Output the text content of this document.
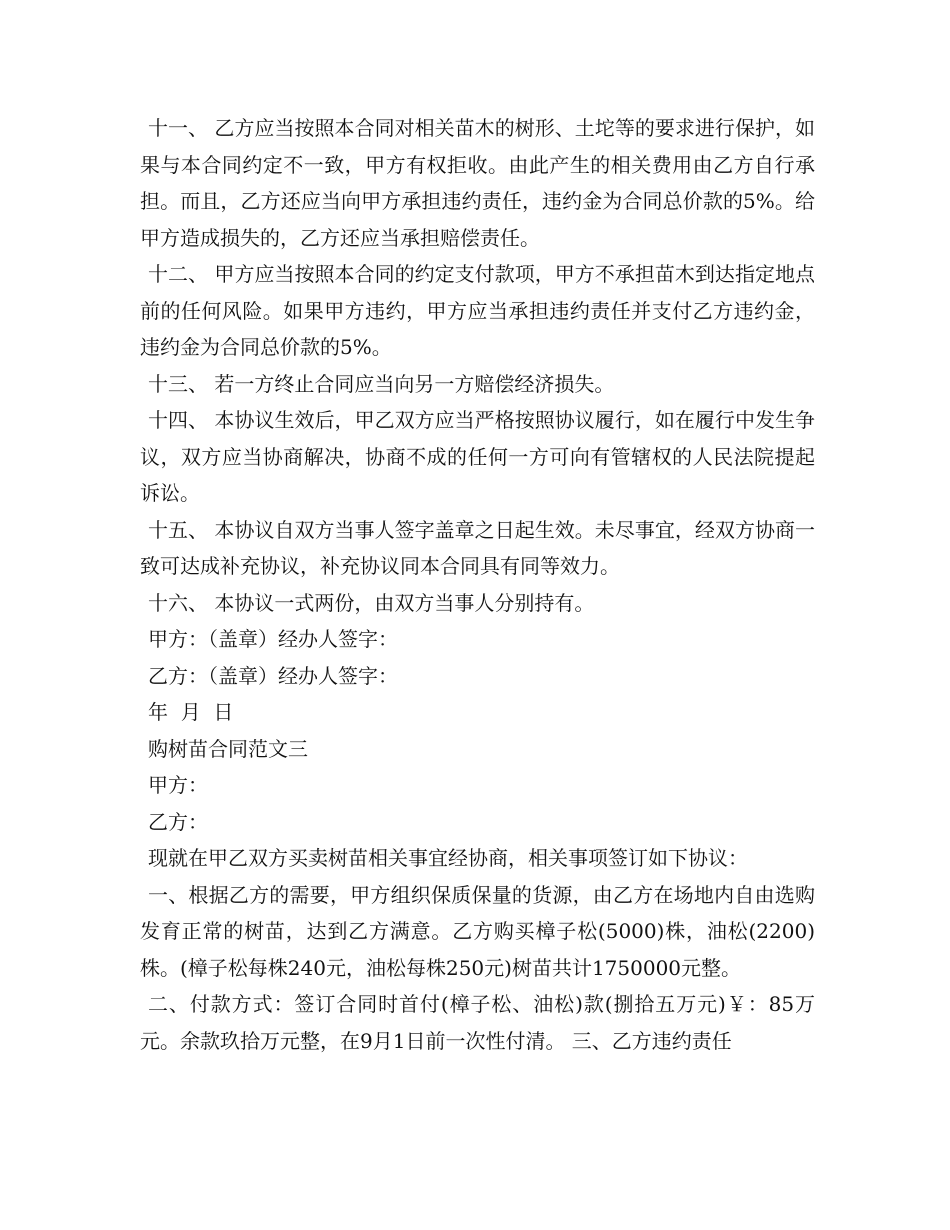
十一、 乙方应当按照本合同对相关苗木的树形、土坨等的要求进行保护，如果与本合同约定不一致，甲方有权拒收。由此产生的相关费用由乙方自行承担。而且，乙方还应当向甲方承担违约责任，违约金为合同总价款的5%。给甲方造成损失的，乙方还应当承担赔偿责任。

十二、 甲方应当按照本合同的约定支付款项，甲方不承担苗木到达指定地点前的任何风险。如果甲方违约，甲方应当承担违约责任并支付乙方违约金，违约金为合同总价款的5%。

十三、 若一方终止合同应当向另一方赔偿经济损失。

十四、 本协议生效后，甲乙双方应当严格按照协议履行，如在履行中发生争议，双方应当协商解决，协商不成的任何一方可向有管辖权的人民法院提起诉讼。

十五、 本协议自双方当事人签字盖章之日起生效。未尽事宜，经双方协商一致可达成补充协议，补充协议同本合同具有同等效力。

十六、 本协议一式两份，由双方当事人分别持有。

甲方：（盖章）经办人签字：

乙方：（盖章）经办人签字：

年  月  日

购树苗合同范文三

甲方：

乙方：

现就在甲乙双方买卖树苗相关事宜经协商，相关事项签订如下协议：

一、根据乙方的需要，甲方组织保质保量的货源，由乙方在场地内自由选购发育正常的树苗，达到乙方满意。乙方购买樟子松(5000)株，油松(2200)株。(樟子松每株240元，油松每株250元)树苗共计1750000元整。

二、付款方式：签订合同时首付(樟子松、油松)款(捌拾五万元)￥：85万元。余款玖拾万元整，在9月1日前一次性付清。 三、乙方违约责任
